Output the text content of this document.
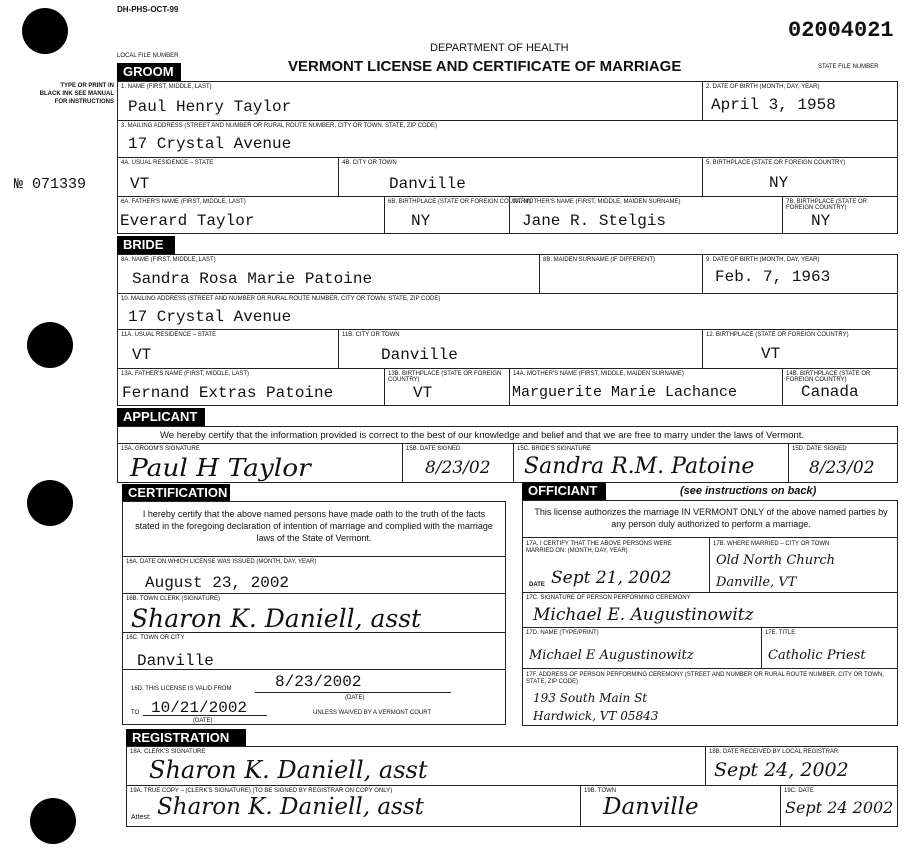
DH-PHS-OCT-99
02004021
DEPARTMENT OF HEALTH
LOCAL FILE NUMBER
VERMONT LICENSE AND CERTIFICATE OF MARRIAGE	STATE FILE NUMBER
TYPE OR PRINT IN BLACK INK SEE MANUAL FOR INSTRUCTIONS
№ 071339
GROOM
1. NAME (FIRST, MIDDLE, LAST)
Paul Henry Taylor
2. DATE OF BIRTH (MONTH, DAY, YEAR)
April 3, 1958
3. MAILING ADDRESS (STREET AND NUMBER OR RURAL ROUTE NUMBER, CITY OR TOWN, STATE, ZIP CODE)
17 Crystal Avenue
4A. USUAL RESIDENCE – STATE
VT
4B. CITY OR TOWN
Danville
5. BIRTHPLACE (STATE OR FOREIGN COUNTRY)
NY
6A. FATHER'S NAME (FIRST, MIDDLE, LAST)
Everard Taylor
6B. BIRTHPLACE (STATE OR FOREIGN COUNTRY)
NY
7A. MOTHER'S NAME (FIRST, MIDDLE, MAIDEN SURNAME)
Jane R. Stelgis
7B. BIRTHPLACE (STATE OR FOREIGN COUNTRY)
NY
BRIDE
8A. NAME (FIRST, MIDDLE, LAST)
Sandra Rosa Marie Patoine
8B. MAIDEN SURNAME (IF DIFFERENT)	9. DATE OF BIRTH (MONTH, DAY, YEAR)
Feb. 7, 1963
10. MAILING ADDRESS (STREET AND NUMBER OR RURAL ROUTE NUMBER, CITY OR TOWN, STATE, ZIP CODE)
17 Crystal Avenue
11A. USUAL RESIDENCE – STATE
VT
11B. CITY OR TOWN
Danville
12. BIRTHPLACE (STATE OR FOREIGN COUNTRY)
VT
13A. FATHER'S NAME (FIRST, MIDDLE, LAST)
Fernand Extras Patoine
13B. BIRTHPLACE (STATE OR FOREIGN COUNTRY)
VT
14A. MOTHER'S NAME (FIRST, MIDDLE, MAIDEN SURNAME)
Marguerite Marie Lachance
14B. BIRTHPLACE (STATE OR FOREIGN COUNTRY)
Canada
APPLICANT
We hereby certify that the information provided is correct to the best of our knowledge and belief and that we are free to marry under the laws of Vermont.
15A. GROOM'S SIGNATURE
Paul H Taylor
15B. DATE SIGNED
8/23/02
15C. BRIDE'S SIGNATURE
Sandra R.M. Patoine
15D. DATE SIGNED
8/23/02
CERTIFICATION
I hereby certify that the above named persons have made oath to the truth of the facts stated in the foregoing declaration of intention of marriage and complied with the marriage laws of the State of Vermont.
16A. DATE ON WHICH LICENSE WAS ISSUED (MONTH, DAY, YEAR)
August 23, 2002
16B. TOWN CLERK (SIGNATURE)
Sharon K. Daniell, asst
16C. TOWN OR CITY
Danville
16D. THIS LICENSE IS VALID FROM	8/23/2002
(DATE)
TO 10/21/2002
(DATE)
UNLESS WAIVED BY A VERMONT COURT
OFFICIANT	(see instructions on back)
This license authorizes the marriage IN VERMONT ONLY of the above named parties by any person duly authorized to perform a marriage.
17A. I CERTIFY THAT THE ABOVE PERSONS WERE MARRIED ON: (MONTH, DAY, YEAR)
DATE Sept 21, 2002
17B. WHERE MARRIED – CITY OR TOWN
Old North Church Danville, VT
17C. SIGNATURE OF PERSON PERFORMING CEREMONY
Michael E. Augustinowitz
17D. NAME (TYPE/PRINT)
Michael E Augustinowitz
17E. TITLE
Catholic Priest
17F. ADDRESS OF PERSON PERFORMING CEREMONY (STREET AND NUMBER OR RURAL ROUTE NUMBER, CITY OR TOWN, STATE, ZIP CODE)
193 South Main St
Hardwick, VT 05843
REGISTRATION
18A. CLERK'S SIGNATURE
Sharon K. Daniell, asst
18B. DATE RECEIVED BY LOCAL REGISTRAR
Sept 24, 2002
19A. TRUE COPY – (CLERK'S SIGNATURE) (TO BE SIGNED BY REGISTRAR ON COPY ONLY)
Attest: Sharon K. Daniell, asst
19B. TOWN
Danville
19C. DATE
Sept 24 2002
